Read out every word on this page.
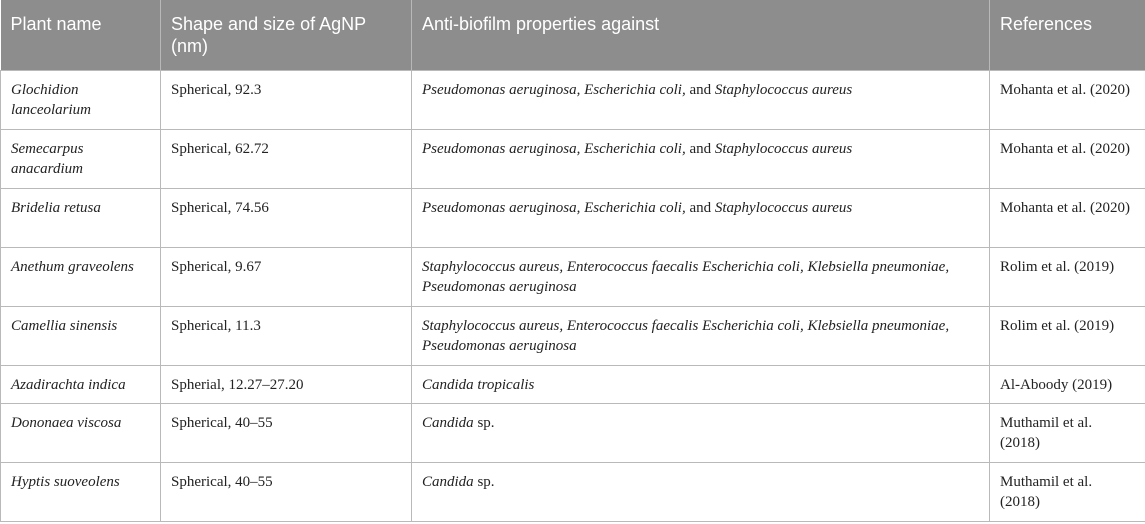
Plant name	Shape and size of AgNP (nm)	Anti-biofilm properties against	References
Glochidion lanceolarium	Spherical, 92.3	Pseudomonas aeruginosa, Escherichia coli, and Staphylococcus aureus	Mohanta et al. (2020)
Semecarpus anacardium	Spherical, 62.72	Pseudomonas aeruginosa, Escherichia coli, and Staphylococcus aureus	Mohanta et al. (2020)
Bridelia retusa	Spherical, 74.56	Pseudomonas aeruginosa, Escherichia coli, and Staphylococcus aureus	Mohanta et al. (2020)
Anethum graveolens	Spherical, 9.67	Staphylococcus aureus, Enterococcus faecalis Escherichia coli, Klebsiella pneumoniae, Pseudomonas aeruginosa	Rolim et al. (2019)
Camellia sinensis	Spherical, 11.3	Staphylococcus aureus, Enterococcus faecalis Escherichia coli, Klebsiella pneumoniae, Pseudomonas aeruginosa	Rolim et al. (2019)
Azadirachta indica	Spherial, 12.27–27.20	Candida tropicalis	Al-Aboody (2019)
Dononaea viscosa	Spherical, 40–55	Candida sp.	Muthamil et al. (2018)
Hyptis suoveolens	Spherical, 40–55	Candida sp.	Muthamil et al. (2018)
